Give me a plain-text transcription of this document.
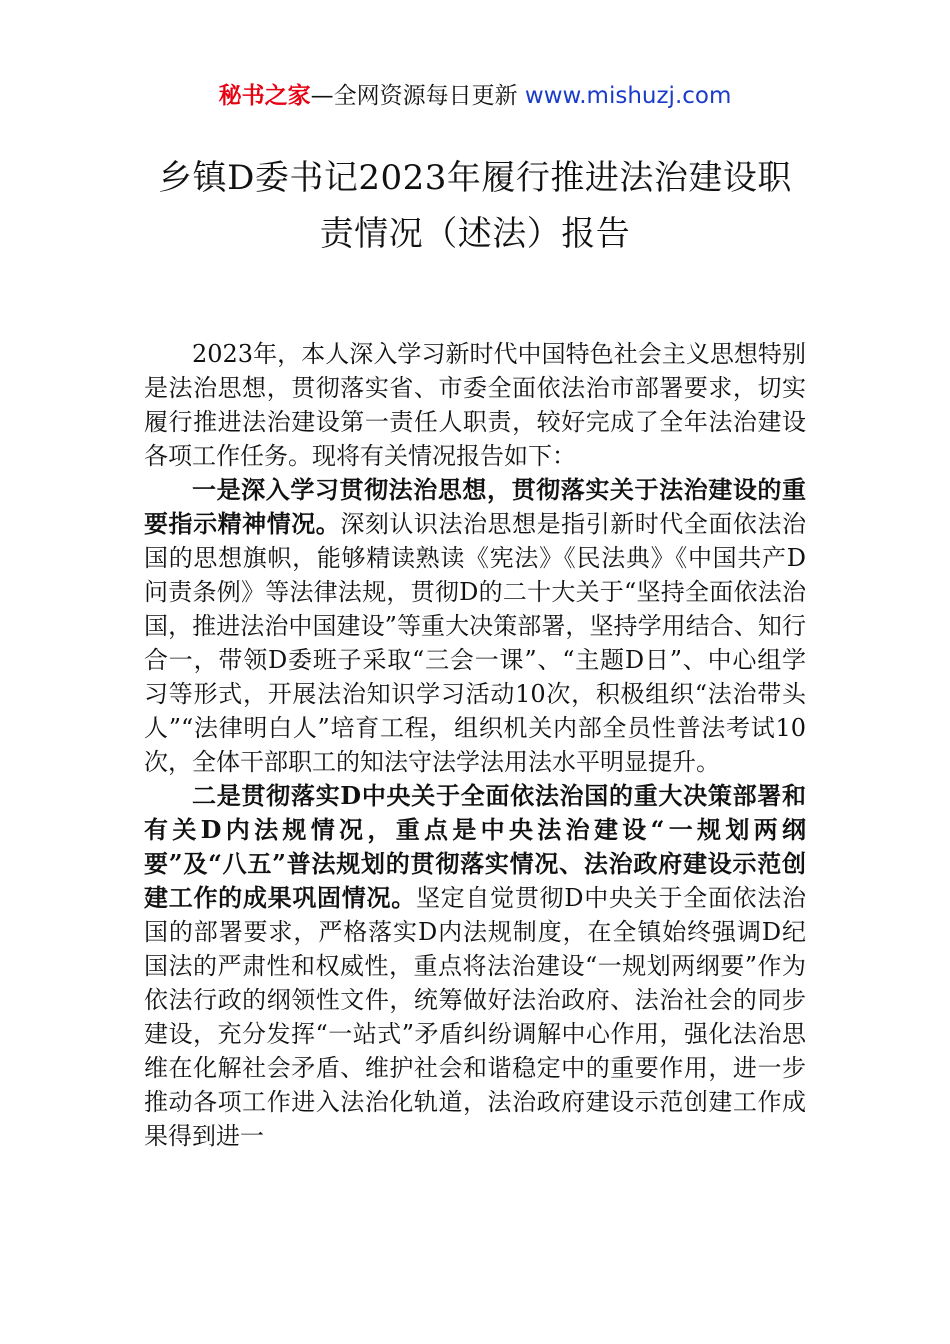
秘书之家—全网资源每日更新 www.mishuzj.com
乡镇D委书记2023年履行推进法治建设职
责情况（述法）报告

2023年，本人深入学习新时代中国特色社会主义思想特别是法治思想，贯彻落实省、市委全面依法治市部署要求，切实履行推进法治建设第一责任人职责，较好完成了全年法治建设各项工作任务。现将有关情况报告如下：

一是深入学习贯彻法治思想，贯彻落实关于法治建设的重要指示精神情况。深刻认识法治思想是指引新时代全面依法治国的思想旗帜，能够精读熟读《宪法》《民法典》《中国共产D问责条例》等法律法规，贯彻D的二十大关于“坚持全面依法治国，推进法治中国建设”等重大决策部署，坚持学用结合、知行合一，带领D委班子采取“三会一课”、“主题D日”、中心组学习等形式，开展法治知识学习活动10次，积极组织“法治带头人”“法律明白人”培育工程，组织机关内部全员性普法考试10次，全体干部职工的知法守法学法用法水平明显提升。

二是贯彻落实D中央关于全面依法治国的重大决策部署和有关D内法规情况，重点是中央法治建设“一规划两纲要”及“八五”普法规划的贯彻落实情况、法治政府建设示范创建工作的成果巩固情况。坚定自觉贯彻D中央关于全面依法治国的部署要求，严格落实D内法规制度，在全镇始终强调D纪国法的严肃性和权威性，重点将法治建设“一规划两纲要”作为依法行政的纲领性文件，统筹做好法治政府、法治社会的同步建设，充分发挥“一站式”矛盾纠纷调解中心作用，强化法治思维在化解社会矛盾、维护社会和谐稳定中的重要作用，进一步推动各项工作进入法治化轨道，法治政府建设示范创建工作成果得到进一
